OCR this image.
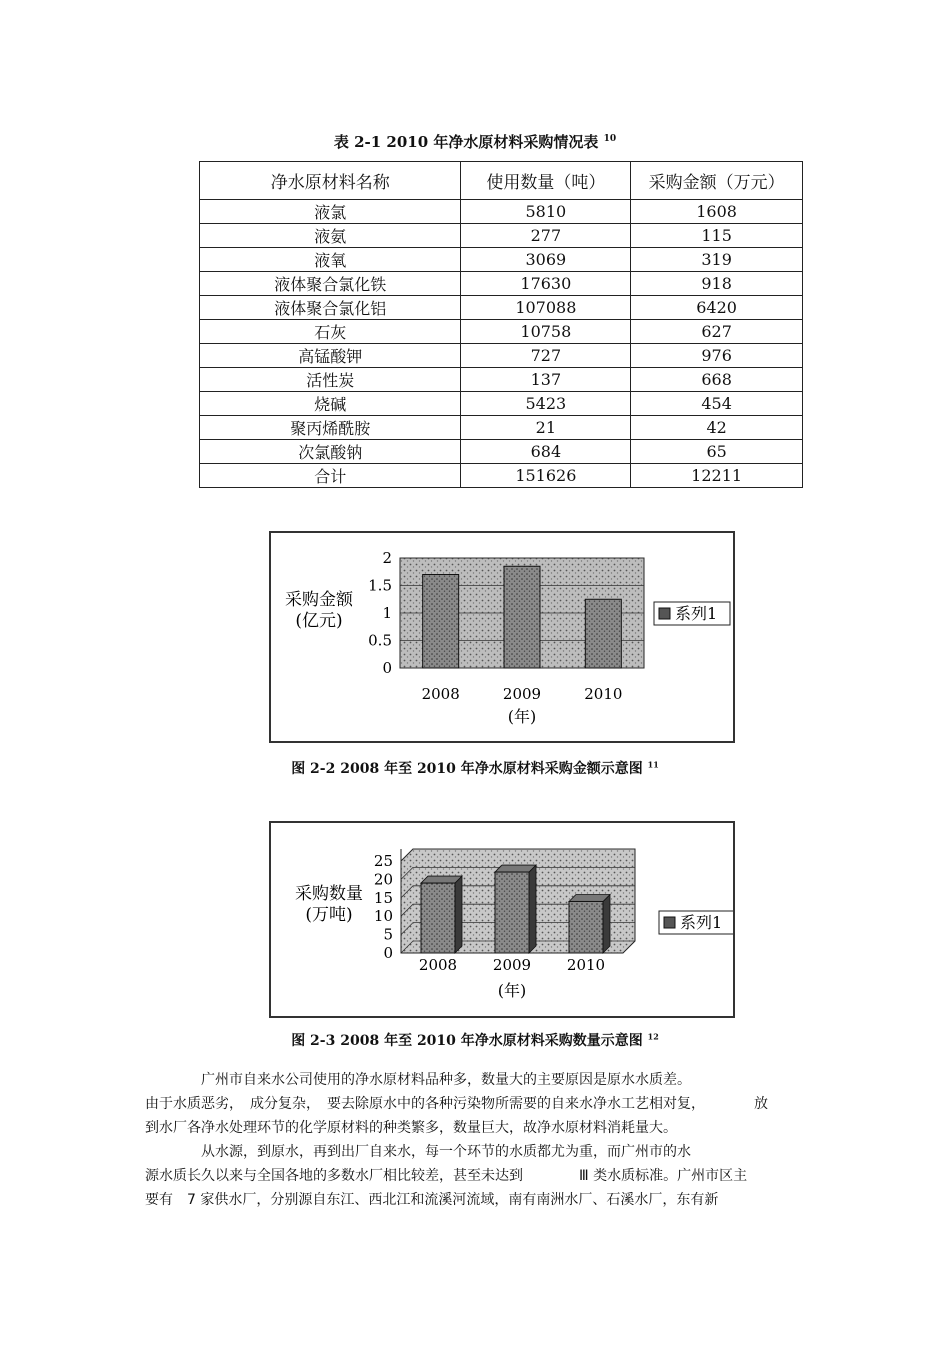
表 2-1 2010 年净水原材料采购情况表 $^{10}$
净水原材料名称	使用数量（吨）	采购金额（万元）
液氯	5810	1608
液氨	277	115
液氧	3069	319
液体聚合氯化铁	17630	918
液体聚合氯化铝	107088	6420
石灰	10758	627
高锰酸钾	727	976
活性炭	137	668
烧碱	5423	454
聚丙烯酰胺	21	42
次氯酸钠	684	65
合计	151626	12211
0
0.5
1
1.5
2
2008	2009	2010
采购金额
(亿元)
(年)
系列1
图 2-2 2008 年至 2010 年净水原材料采购金额示意图 $^{11}$
0
5
10
15
20
25
2008 2009 2010
采购数量
(万吨)
(年)
系列1
图 2-3 2008 年至 2010 年净水原材料采购数量示意图 $^{12}$
　　　　广州市自来水公司使用的净水原材料品种多，数量大的主要原因是原水水质差。
由于水质恶劣，　成分复杂，　要去除原水中的各种污染物所需要的自来水净水工艺相对复，　　　　放
到水厂各净水处理环节的化学原材料的种类繁多，数量巨大，故净水原材料消耗量大。
　　　　从水源，到原水，再到出厂自来水，每一个环节的水质都尤为重，而广州市的水
源水质长久以来与全国各地的多数水厂相比较差，甚至未达到　　　　Ⅲ 类水质标准。广州市区主
要有　7 家供水厂，分别源自东江、西北江和流溪河流域，南有南洲水厂、石溪水厂，东有新
